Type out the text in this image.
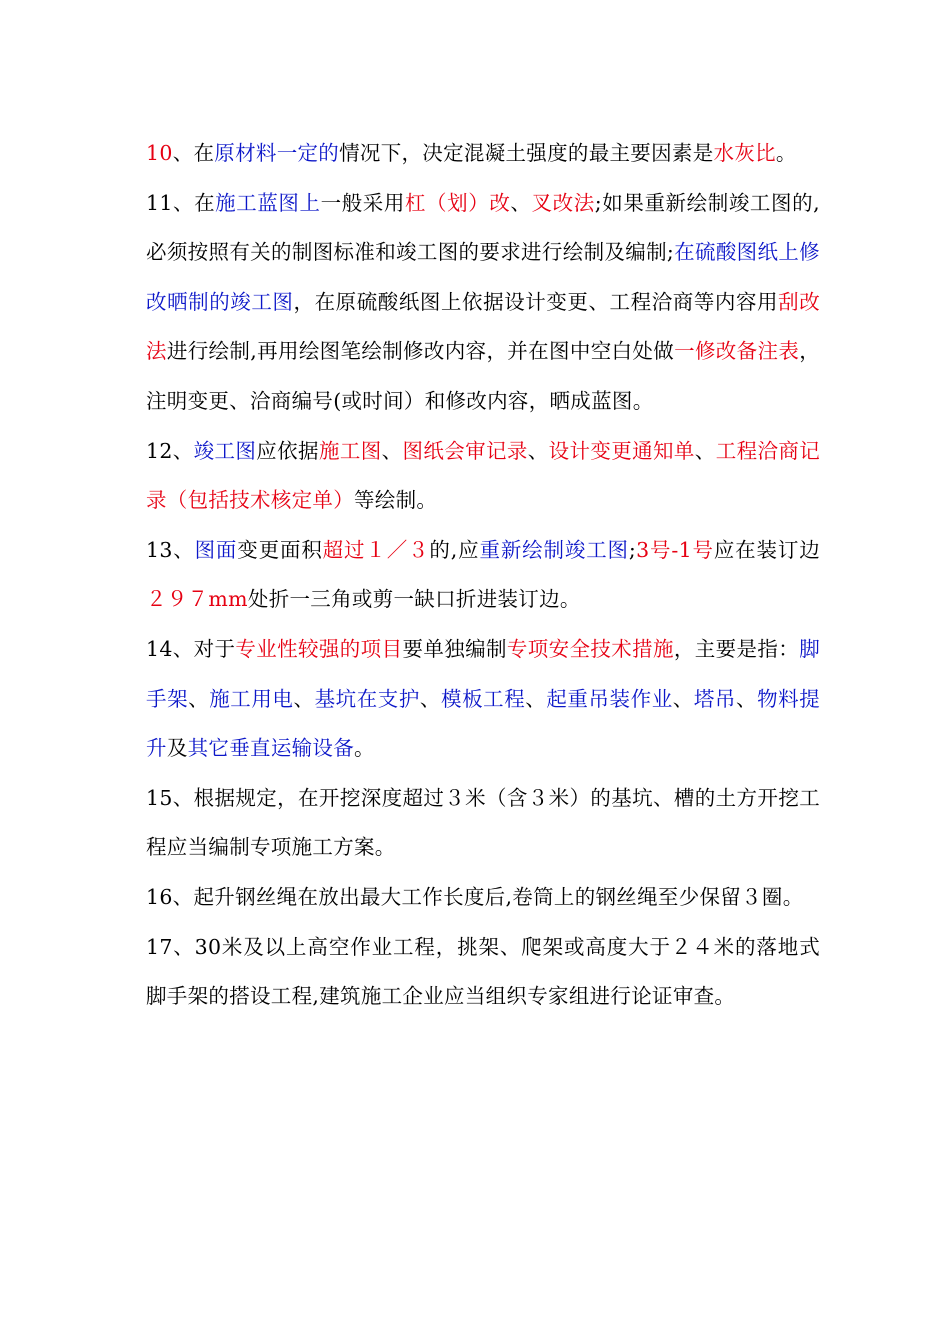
10、在原材料一定的情况下，决定混凝土强度的最主要因素是水灰比。

11、在施工蓝图上一般采用杠（划）改、叉改法;如果重新绘制竣工图的,必须按照有关的制图标准和竣工图的要求进行绘制及编制;在硫酸图纸上修改晒制的竣工图，在原硫酸纸图上依据设计变更、工程洽商等内容用刮改法进行绘制,再用绘图笔绘制修改内容，并在图中空白处做一修改备注表，注明变更、洽商编号(或时间）和修改内容，晒成蓝图。

12、竣工图应依据施工图、图纸会审记录、设计变更通知单、工程洽商记录（包括技术核定单）等绘制。

13、图面变更面积超过１／３的,应重新绘制竣工图;3号-1号应在装订边２９７mm处折一三角或剪一缺口折进装订边。

14、对于专业性较强的项目要单独编制专项安全技术措施，主要是指：脚手架、施工用电、基坑在支护、模板工程、起重吊装作业、塔吊、物料提升及其它垂直运输设备。

15、根据规定，在开挖深度超过３米（含３米）的基坑、槽的土方开挖工程应当编制专项施工方案。

16、起升钢丝绳在放出最大工作长度后,卷筒上的钢丝绳至少保留３圈。

17、30米及以上高空作业工程，挑架、爬架或高度大于２４米的落地式脚手架的搭设工程,建筑施工企业应当组织专家组进行论证审查。
